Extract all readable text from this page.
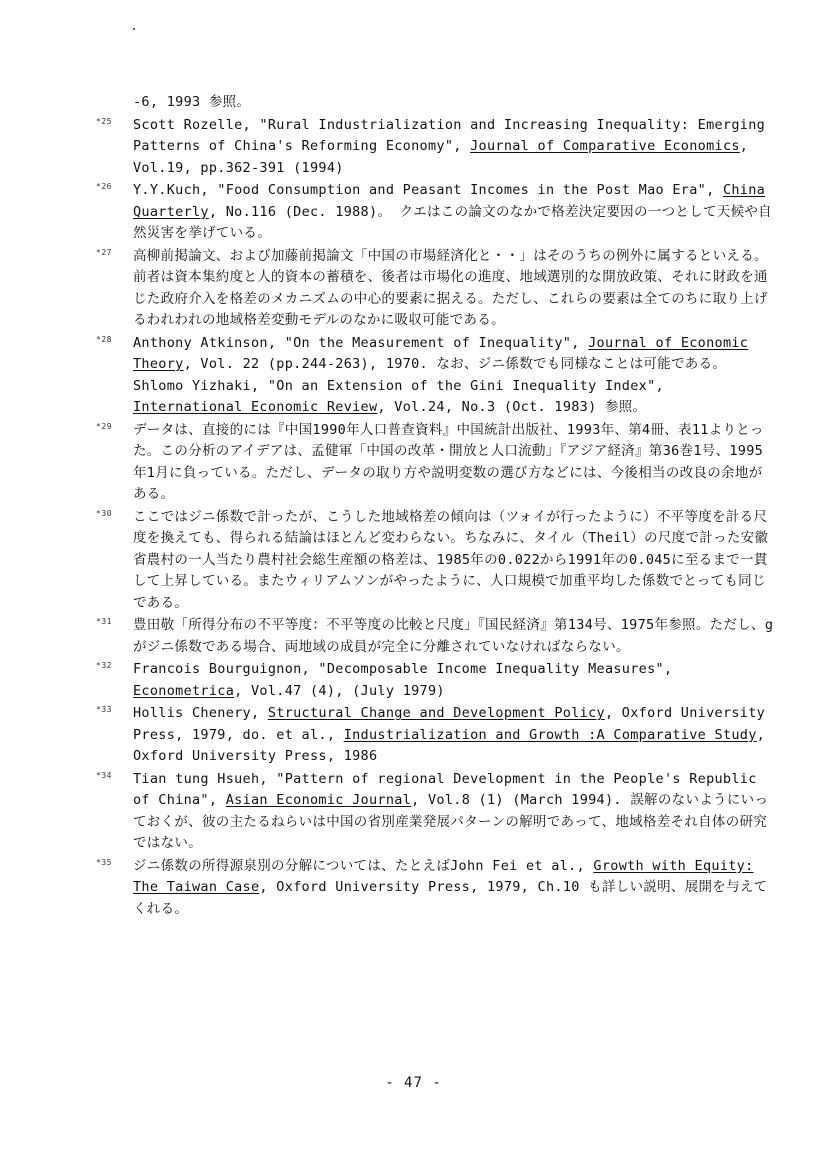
-6, 1993 参照。
*25 Scott Rozelle, "Rural Industrialization and Increasing Inequality: Emerging Patterns of China's Reforming Economy", Journal of Comparative Economics, Vol.19, pp.362-391 (1994)
*26 Y.Y.Kuch, "Food Consumption and Peasant Incomes in the Post Mao Era", China Quarterly, No.116 (Dec. 1988)。 クエはこの論文のなかで格差決定要因の一つとして天候や自然災害を挙げている。
*27 高柳前掲論文、および加藤前掲論文「中国の市場経済化と・・」はそのうちの例外に属するといえる。前者は資本集約度と人的資本の蓄積を、後者は市場化の進度、地域選別的な開放政策、それに財政を通じた政府介入を格差のメカニズムの中心的要素に据える。ただし、これらの要素は全てのちに取り上げるわれわれの地域格差変動モデルのなかに吸収可能である。
*28 Anthony Atkinson, "On the Measurement of Inequality", Journal of Economic Theory, Vol. 22 (pp.244-263), 1970. なお、ジニ係数でも同様なことは可能である。Shlomo Yizhaki, "On an Extension of the Gini Inequality Index", International Economic Review, Vol.24, No.3 (Oct. 1983) 参照。
*29 データは、直接的には『中国1990年人口普查資料』中国統計出版社、1993年、第4冊、表11よりとった。この分析のアイデアは、孟健軍「中国の改革・開放と人口流動」『アジア経済』第36巻1号、1995年1月に負っている。ただし、データの取り方や説明変数の選び方などには、今後相当の改良の余地がある。
*30 ここではジニ係数で計ったが、こうした地域格差の傾向は（ツォイが行ったように）不平等度を計る尺度を換えても、得られる結論はほとんど変わらない。ちなみに、タイル（Theil）の尺度で計った安徽省農村の一人当たり農村社会総生産額の格差は、1985年の0.022から1991年の0.045に至るまで一貫して上昇している。またウィリアムソンがやったように、人口規模で加重平均した係数でとっても同じである。
*31 豊田敬「所得分布の不平等度：不平等度の比較と尺度」『国民経済』第134号、1975年参照。ただし、gがジニ係数である場合、両地域の成員が完全に分離されていなければならない。
*32 Francois Bourguignon, "Decomposable Income Inequality Measures", Econometrica, Vol.47 (4), (July 1979)
*33 Hollis Chenery, Structural Change and Development Policy, Oxford University Press, 1979, do. et al., Industrialization and Growth :A Comparative Study, Oxford University Press, 1986
*34 Tian tung Hsueh, "Pattern of regional Development in the People's Republic of China", Asian Economic Journal, Vol.8 (1) (March 1994). 誤解のないようにいっておくが、彼の主たるねらいは中国の省別産業発展パターンの解明であって、地域格差それ自体の研究ではない。
*35 ジニ係数の所得源泉別の分解については、たとえばJohn Fei et al., Growth with Equity: The Taiwan Case, Oxford University Press, 1979, Ch.10 も詳しい説明、展開を与えてくれる。
- 47 -
